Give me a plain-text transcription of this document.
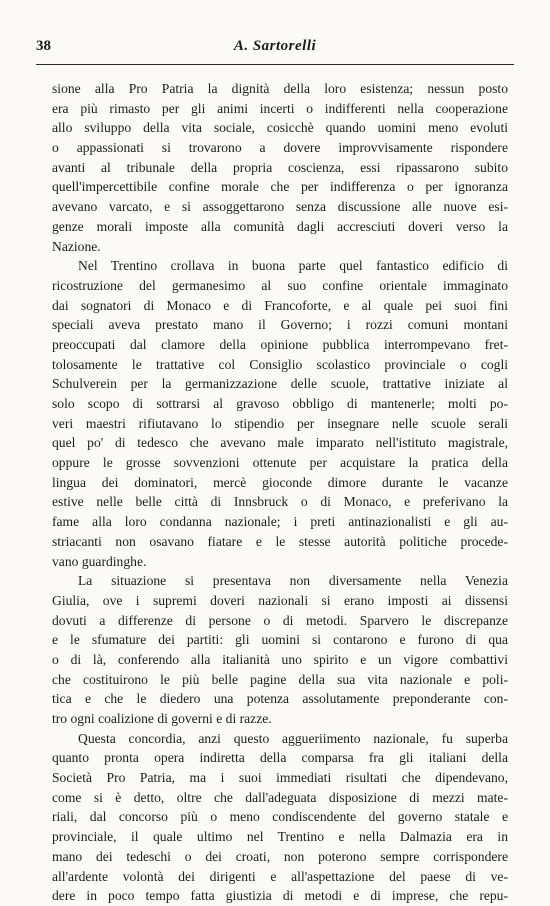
38	A. Sartorelli
sione alla Pro Patria la dignità della loro esistenza; nessun posto
era più rimasto per gli animi incerti o indifferenti nella cooperazione
allo sviluppo della vita sociale, cosicchè quando uomini meno evoluti
o appassionati si trovarono a dovere improvvisamente rispondere
avanti al tribunale della propria coscienza, essi ripassarono subito
quell'impercettibile confine morale che per indifferenza o per ignoranza
avevano varcato, e si assoggettarono senza discussione alle nuove esi-
genze morali imposte alla comunità dagli accresciuti doveri verso la
Nazione.
Nel Trentino crollava in buona parte quel fantastico edificio di
ricostruzione del germanesimo al suo confine orientale immaginato
dai sognatori di Monaco e di Francoforte, e al quale pei suoi fini
speciali aveva prestato mano il Governo; i rozzi comuni montani
preoccupati dal clamore della opinione pubblica interrompevano fret-
tolosamente le trattative col Consiglio scolastico provinciale o cogli
Schulverein per la germanizzazione delle scuole, trattative iniziate al
solo scopo di sottrarsi al gravoso obbligo di mantenerle; molti po-
veri maestri rifiutavano lo stipendio per insegnare nelle scuole serali
quel po' di tedesco che avevano male imparato nell'istituto magistrale,
oppure le grosse sovvenzioni ottenute per acquistare la pratica della
lingua dei dominatori, mercè gioconde dimore durante le vacanze
estive nelle belle città di Innsbruck o di Monaco, e preferivano la
fame alla loro condanna nazionale; i preti antinazionalisti e gli au-
striacanti non osavano fiatare e le stesse autorità politiche procede-
vano guardinghe.
La situazione si presentava non diversamente nella Venezia
Giulia, ove i supremi doveri nazionali si erano imposti ai dissensi
dovuti a differenze di persone o di metodi. Sparvero le discrepanze
e le sfumature dei partiti: gli uomini si contarono e furono di qua
o di là, conferendo alla italianità uno spirito e un vigore combattivi
che costituirono le più belle pagine della sua vita nazionale e poli-
tica e che le diedero una potenza assolutamente preponderante con-
tro ogni coalizione di governi e di razze.
Questa concordia, anzi questo aggueriimento nazionale, fu superba
quanto pronta opera indiretta della comparsa fra gli italiani della
Società Pro Patria, ma i suoi immediati risultati che dipendevano,
come si è detto, oltre che dall'adeguata disposizione di mezzi mate-
riali, dal concorso più o meno condiscendente del governo statale e
provinciale, il quale ultimo nel Trentino e nella Dalmazia era in
mano dei tedeschi o dei croati, non poterono sempre corrispondere
all'ardente volontà dei dirigenti e all'aspettazione del paese di ve-
dere in poco tempo fatta giustizia di metodi e di imprese, che repu-
